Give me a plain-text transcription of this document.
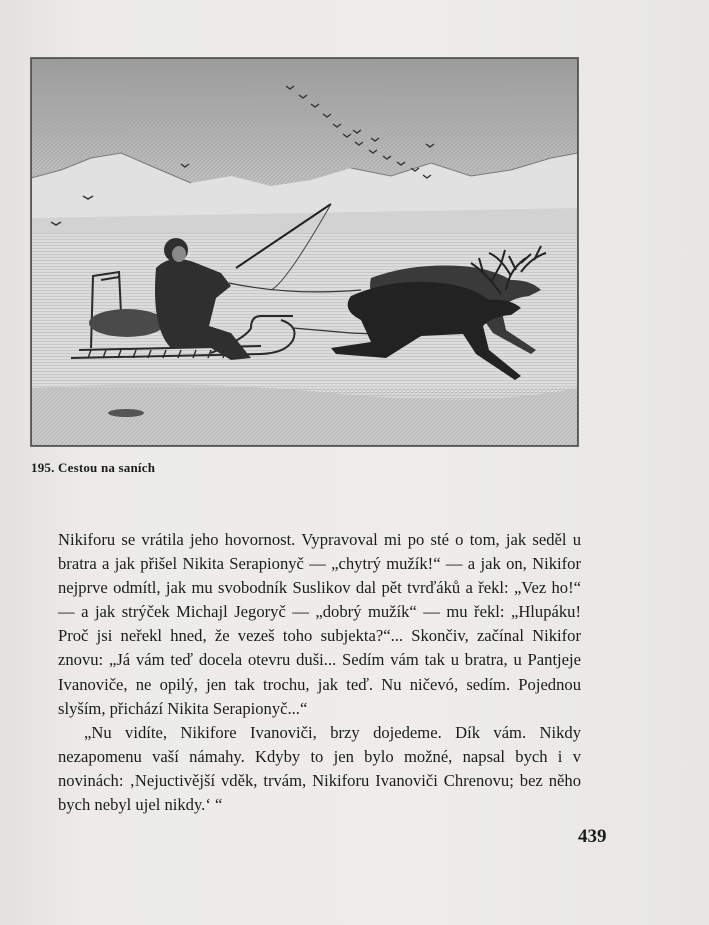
195. Cestou na saních

Nikiforu se vrátila jeho hovornost. Vypravoval mi po sté o tom, jak seděl u bratra a jak přišel Nikita Serapionyč — „chytrý mužík!“ — a jak on, Nikifor nejprve odmítl, jak mu svobodník Suslikov dal pět tvrďáků a řekl: „Vez ho!“ — a jak strýček Michajl Jegoryč — „dobrý mužík“ — mu řekl: „Hlupáku! Proč jsi neřekl hned, že vezeš toho subjekta?“... Skončiv, začínal Nikifor znovu: „Já vám teď docela otevru duši... Sedím vám tak u bratra, u Pantjeje Ivanoviče, ne opilý, jen tak trochu, jak teď. Nu ničevó, sedím. Pojednou slyším, přichází Nikita Serapionyč...“

„Nu vidíte, Nikifore Ivanoviči, brzy dojedeme. Dík vám. Nikdy nezapomenu vaší námahy. Kdyby to jen bylo možné, napsal bych i v novinách: ‚Nejuctivější vděk, trvám, Nikiforu Ivanoviči Chrenovu; bez něho bych nebyl ujel nikdy.‘ “

439
